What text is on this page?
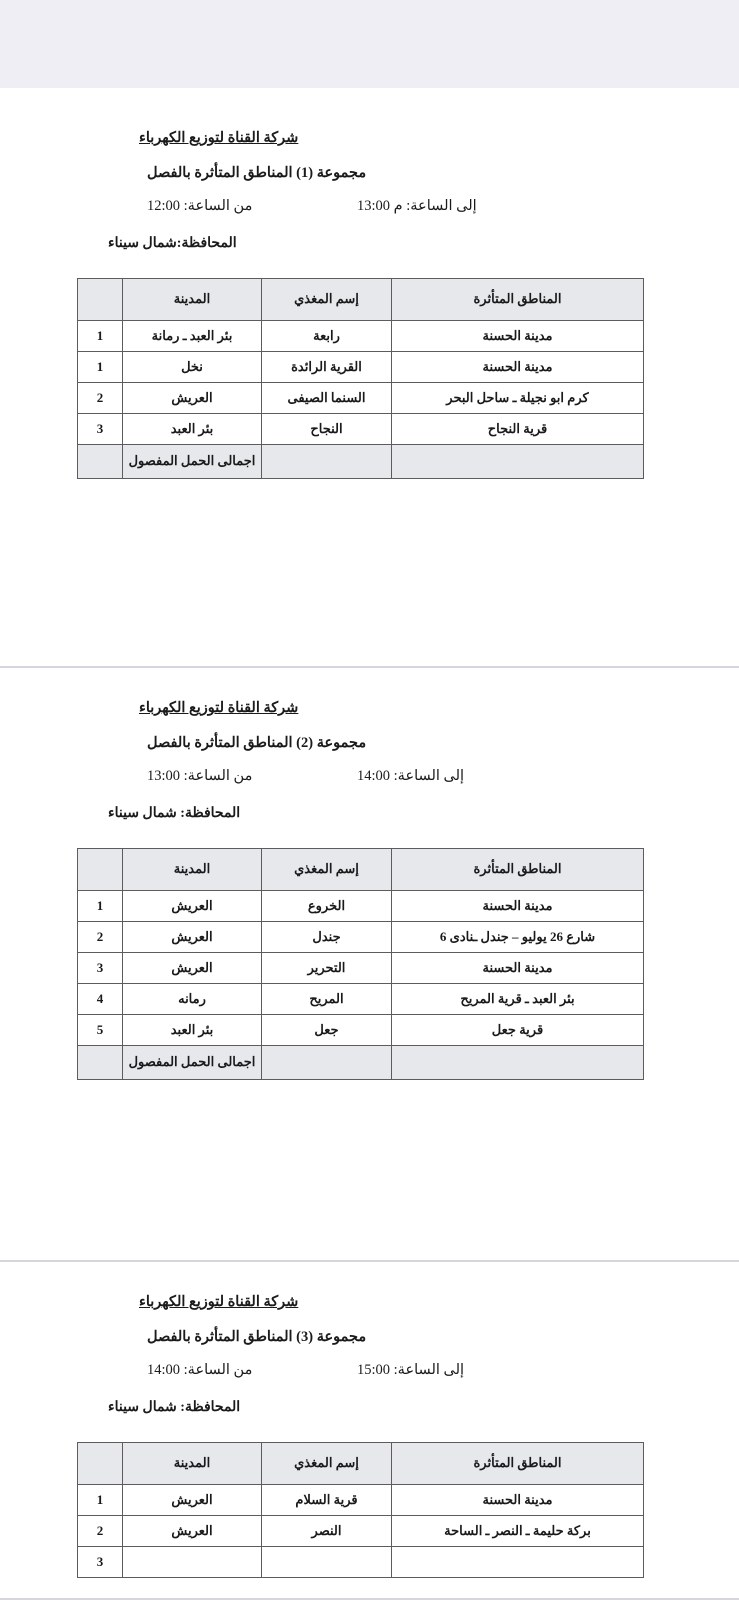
شركة القناة لتوزيع الكهرباء
مجموعة (1) المناطق المتأثرة بالفصل
من الساعة: 12:00	إلى الساعة: م 13:00
المحافظة:شمال سيناء
المناطق المتأثرة	إسم المغذي	المدينة	
مدينة الحسنة	رابعة	بئر العبد ـ رمانة	1
مدينة الحسنة	القرية الرائدة	نخل	1
كرم ابو نجيلة ـ ساحل البحر	السنما الصيفى	العريش	2
قرية النجاح	النجاح	بئر العبد	3
		اجمالى الحمل المفصول	
شركة القناة لتوزيع الكهرباء
مجموعة (2) المناطق المتأثرة بالفصل
من الساعة: 13:00	إلى الساعة: 14:00
المحافظة: شمال سيناء
المناطق المتأثرة	إسم المغذي	المدينة	
مدينة الحسنة	الخروع	العريش	1
شارع 26 يوليو – جندل ـنادى 6	جندل	العريش	2
مدينة الحسنة	التحرير	العريش	3
بئر العبد ـ قرية المريح	المريح	رمانه	4
قرية جعل	جعل	بئر العبد	5
		اجمالى الحمل المفصول	
شركة القناة لتوزيع الكهرباء
مجموعة (3) المناطق المتأثرة بالفصل
من الساعة: 14:00	إلى الساعة: 15:00
المحافظة: شمال سيناء
المناطق المتأثرة	إسم المغذي	المدينة	
مدينة الحسنة	قرية السلام	العريش	1
بركة حليمة ـ النصر ـ الساحة	النصر	العريش	2
			3
